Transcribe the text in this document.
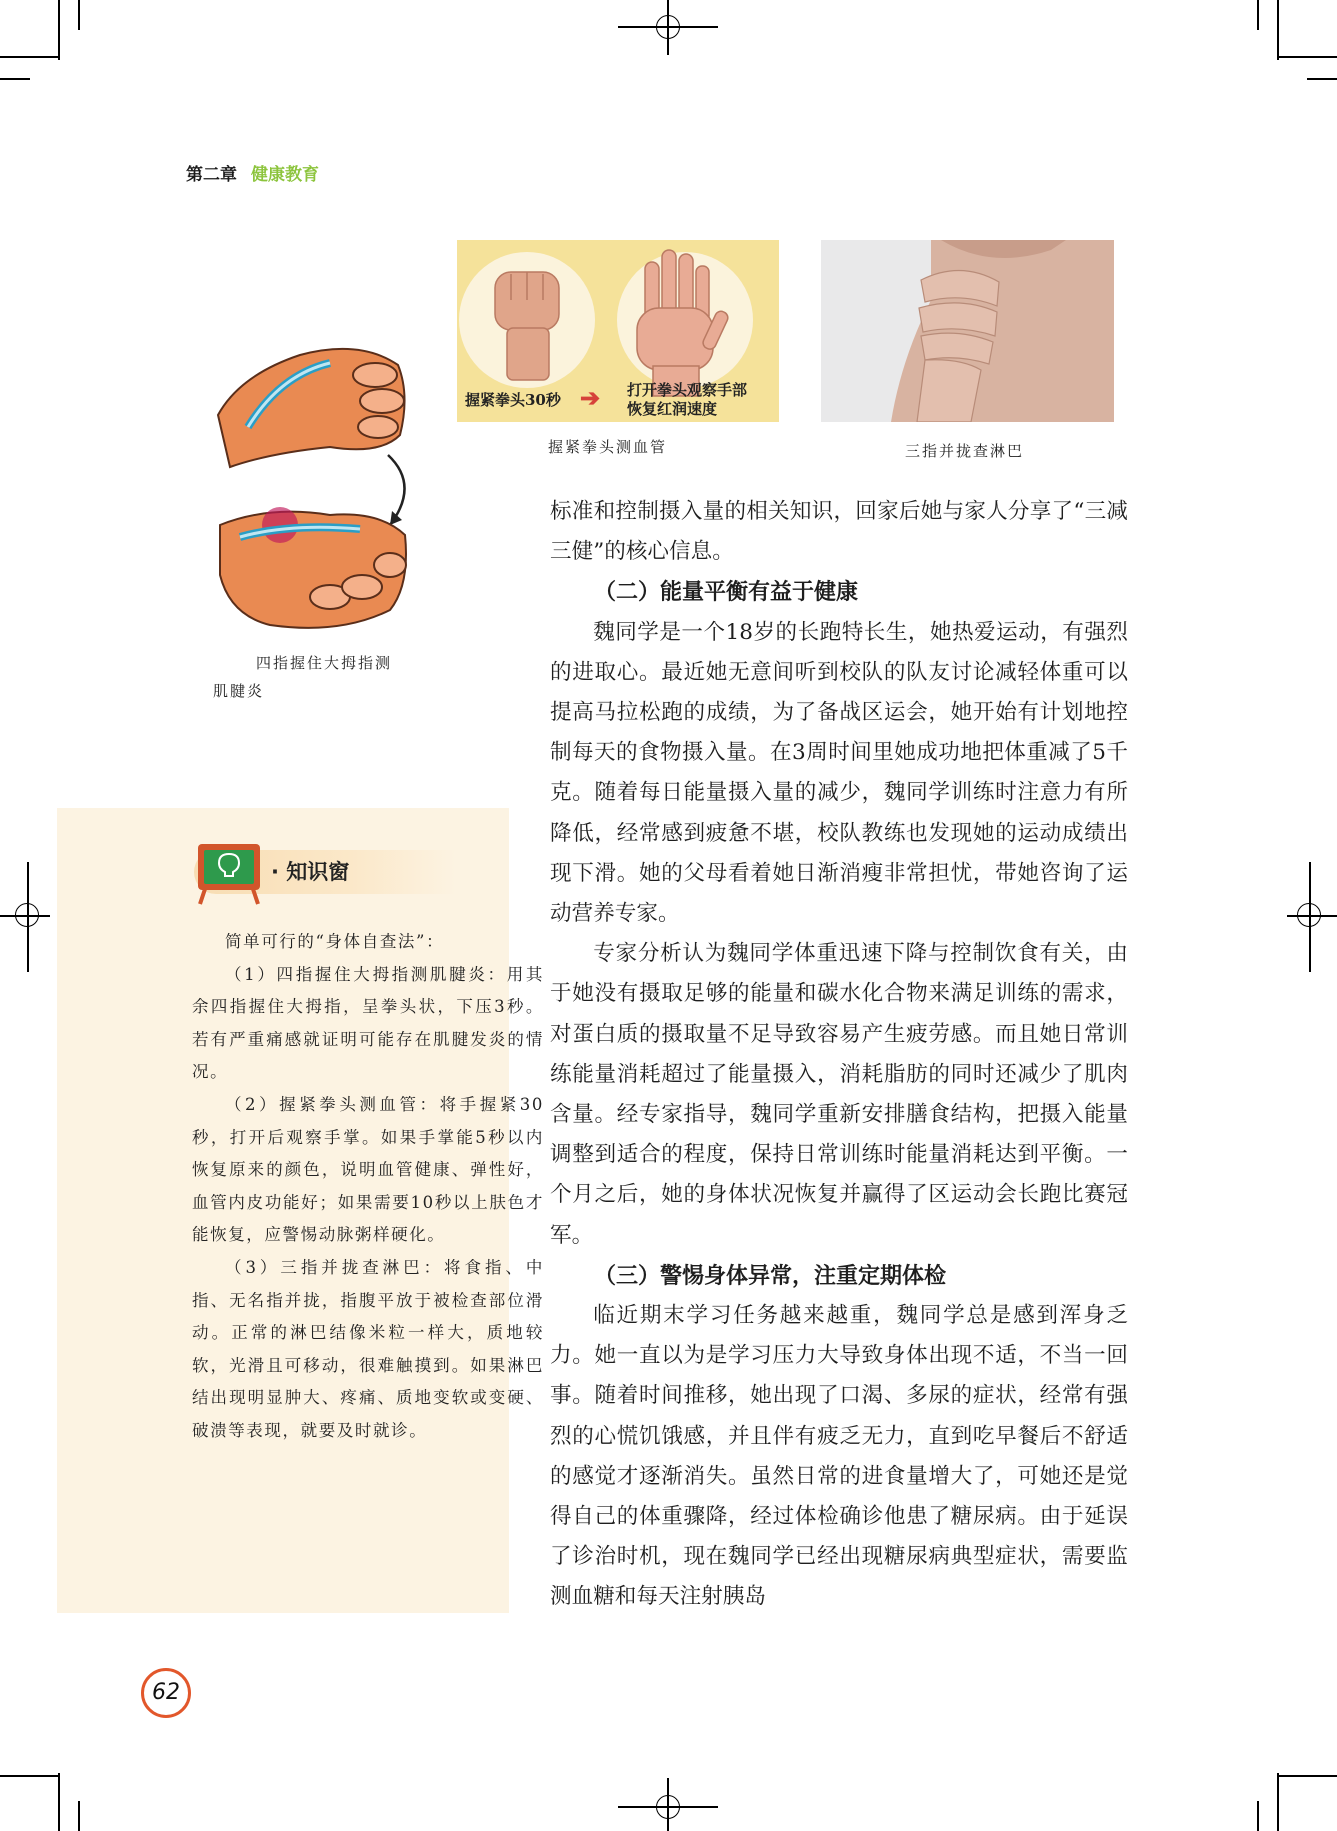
第二章 健康教育
握紧拳头30秒 ➔ 打开拳头观察手部
恢复红润速度
握紧拳头测血管	三指并拢查淋巴
四指握住大拇指测
肌腱炎
· 知识窗

简单可行的“身体自查法”：

（1）四指握住大拇指测肌腱炎：用其余四指握住大拇指，呈拳头状，下压3秒。若有严重痛感就证明可能存在肌腱发炎的情况。

（2）握紧拳头测血管：将手握紧30秒，打开后观察手掌。如果手掌能5秒以内恢复原来的颜色，说明血管健康、弹性好，血管内皮功能好；如果需要10秒以上肤色才能恢复，应警惕动脉粥样硬化。

（3）三指并拢查淋巴：将食指、中指、无名指并拢，指腹平放于被检查部位滑动。正常的淋巴结像米粒一样大，质地较软，光滑且可移动，很难触摸到。如果淋巴结出现明显肿大、疼痛、质地变软或变硬、破溃等表现，就要及时就诊。

标准和控制摄入量的相关知识，回家后她与家人分享了“三减三健”的核心信息。

（二）能量平衡有益于健康

魏同学是一个18岁的长跑特长生，她热爱运动，有强烈的进取心。最近她无意间听到校队的队友讨论减轻体重可以提高马拉松跑的成绩，为了备战区运会，她开始有计划地控制每天的食物摄入量。在3周时间里她成功地把体重减了5千克。随着每日能量摄入量的减少，魏同学训练时注意力有所降低，经常感到疲惫不堪，校队教练也发现她的运动成绩出现下滑。她的父母看着她日渐消瘦非常担忧，带她咨询了运动营养专家。

专家分析认为魏同学体重迅速下降与控制饮食有关，由于她没有摄取足够的能量和碳水化合物来满足训练的需求，对蛋白质的摄取量不足导致容易产生疲劳感。而且她日常训练能量消耗超过了能量摄入，消耗脂肪的同时还减少了肌肉含量。经专家指导，魏同学重新安排膳食结构，把摄入能量调整到适合的程度，保持日常训练时能量消耗达到平衡。一个月之后，她的身体状况恢复并赢得了区运动会长跑比赛冠军。

（三）警惕身体异常，注重定期体检

临近期末学习任务越来越重，魏同学总是感到浑身乏力。她一直以为是学习压力大导致身体出现不适，不当一回事。随着时间推移，她出现了口渴、多尿的症状，经常有强烈的心慌饥饿感，并且伴有疲乏无力，直到吃早餐后不舒适的感觉才逐渐消失。虽然日常的进食量增大了，可她还是觉得自己的体重骤降，经过体检确诊他患了糖尿病。由于延误了诊治时机，现在魏同学已经出现糖尿病典型症状，需要监测血糖和每天注射胰岛

62
